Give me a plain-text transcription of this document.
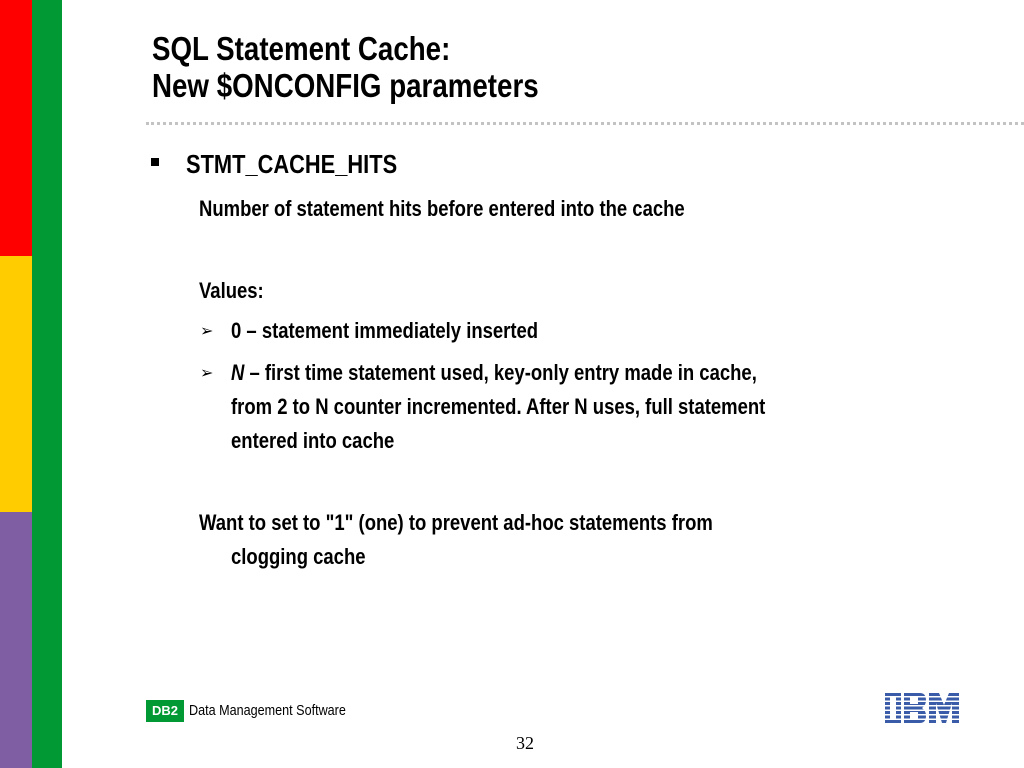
SQL Statement Cache:
New $ONCONFIG parameters
STMT_CACHE_HITS
Number of statement hits before entered into the cache
Values:
➢ 0 – statement immediately inserted
➢ N – first time statement used, key-only entry made in cache,
from 2 to N counter incremented. After N uses, full statement
entered into cache
Want to set to "1" (one) to prevent ad-hoc statements from
clogging cache
DB2 Data Management Software
32
